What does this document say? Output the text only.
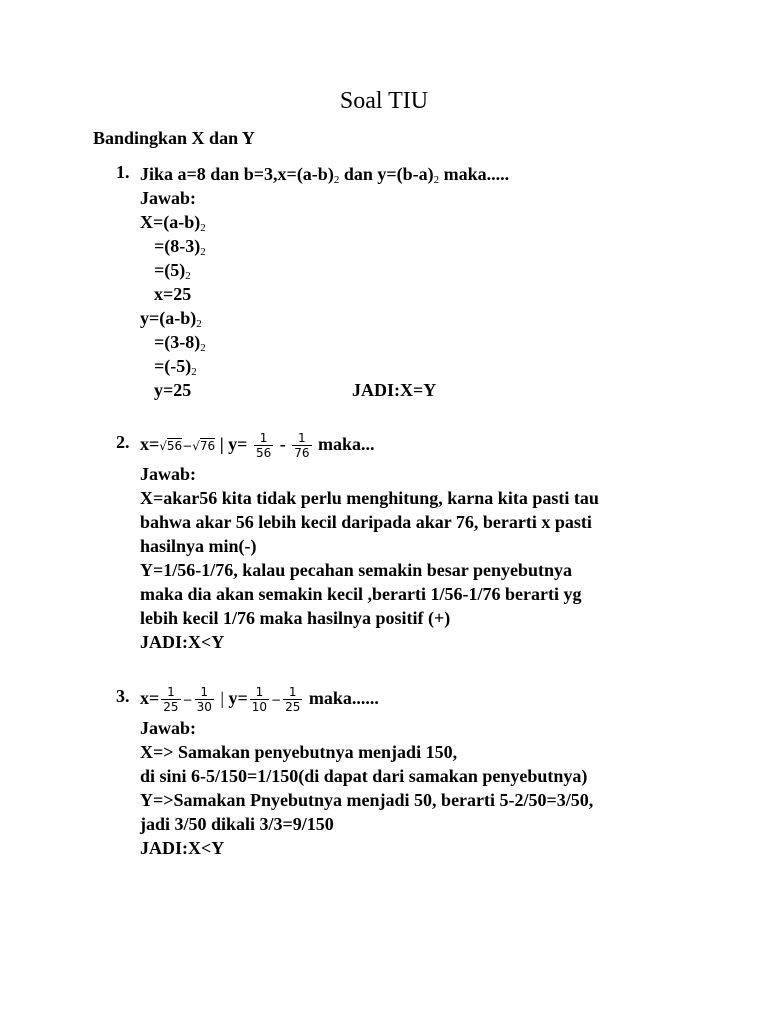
Soal TIU
Bandingkan X dan Y
1. Jika a=8 dan $b=3,x=(a-b)_2$ dan $y=(b-a)_2$ maka.....
Jawab:
$X=(a-b)_2$
$=(8-3)_2$
$=(5)_2$
x=25
$y=(a-b)_2$
$=(3-8)_2$
$=(-5)_2$
y=25	JADI:X=Y
2. x=√56−√76 | $y= \frac{1}{56} - \frac{1}{76}$ maka...
Jawab:
X=akar56 kita tidak perlu menghitung, karna kita pasti tau
bahwa akar 56 lebih kecil daripada akar 76, berarti x pasti
hasilnya min(-)
Y=1/56-1/76, kalau pecahan semakin besar penyebutnya
maka dia akan semakin kecil ,berarti 1/56-1/76 berarti yg
lebih kecil 1/76 maka hasilnya positif (+)
JADI:X<Y
3. $x= \frac{1}{25} - \frac{1}{30}$ | $y= \frac{1}{10} - \frac{1}{25}$ maka......
Jawab:
X=> Samakan penyebutnya menjadi 150,
di sini 6-5/150=1/150(di dapat dari samakan penyebutnya)
Y=>Samakan Pnyebutnya menjadi 50, berarti 5-2/50=3/50,
jadi 3/50 dikali 3/3=9/150
JADI:X<Y
